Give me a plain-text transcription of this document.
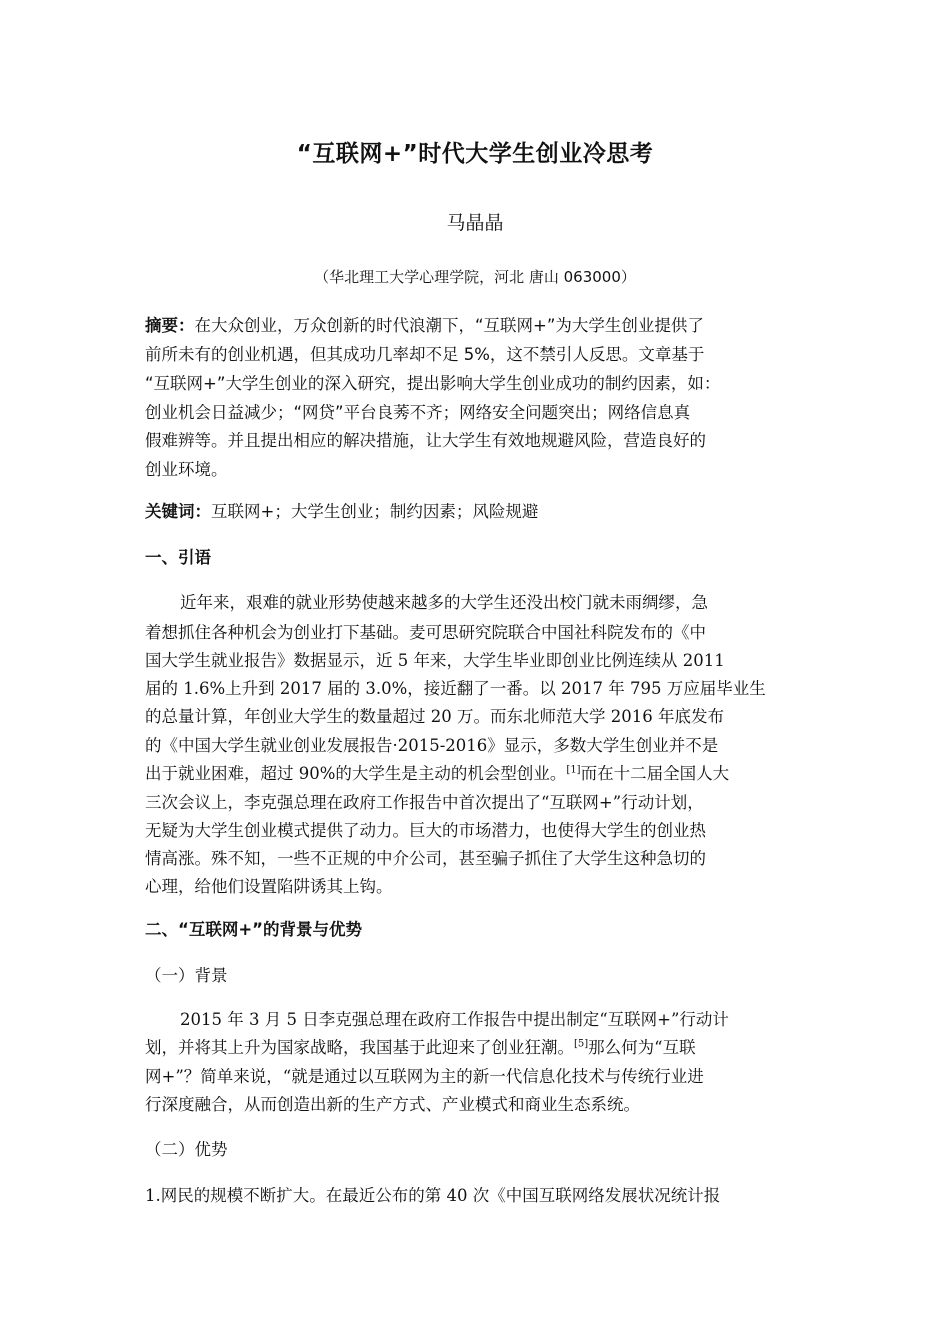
“互联网+”时代大学生创业冷思考
马晶晶
（华北理工大学心理学院，河北 唐山 063000）
摘要：在大众创业，万众创新的时代浪潮下，“互联网+”为大学生创业提供了
前所未有的创业机遇，但其成功几率却不足 5%，这不禁引人反思。文章基于
“互联网+”大学生创业的深入研究，提出影响大学生创业成功的制约因素，如：
创业机会日益减少；“网贷”平台良莠不齐；网络安全问题突出；网络信息真
假难辨等。并且提出相应的解决措施，让大学生有效地规避风险，营造良好的
创业环境。
关键词：互联网+；大学生创业；制约因素；风险规避
一、引语
近年来，艰难的就业形势使越来越多的大学生还没出校门就未雨绸缪，急
着想抓住各种机会为创业打下基础。麦可思研究院联合中国社科院发布的《中
国大学生就业报告》数据显示，近 5 年来，大学生毕业即创业比例连续从 2011
届的 1.6%上升到 2017 届的 3.0%，接近翻了一番。以 2017 年 795 万应届毕业生
的总量计算，年创业大学生的数量超过 20 万。而东北师范大学 2016 年底发布
的《中国大学生就业创业发展报告·2015-2016》显示，多数大学生创业并不是
出于就业困难，超过 90%的大学生是主动的机会型创业。[1]而在十二届全国人大
三次会议上，李克强总理在政府工作报告中首次提出了“互联网+”行动计划，
无疑为大学生创业模式提供了动力。巨大的市场潜力，也使得大学生的创业热
情高涨。殊不知，一些不正规的中介公司，甚至骗子抓住了大学生这种急切的
心理，给他们设置陷阱诱其上钩。
二、“互联网+”的背景与优势
（一）背景
2015 年 3 月 5 日李克强总理在政府工作报告中提出制定“互联网+”行动计
划，并将其上升为国家战略，我国基于此迎来了创业狂潮。[5]那么何为“互联
网+”？简单来说，“就是通过以互联网为主的新一代信息化技术与传统行业进
行深度融合，从而创造出新的生产方式、产业模式和商业生态系统。
（二）优势
1.网民的规模不断扩大。在最近公布的第 40 次《中国互联网络发展状况统计报
